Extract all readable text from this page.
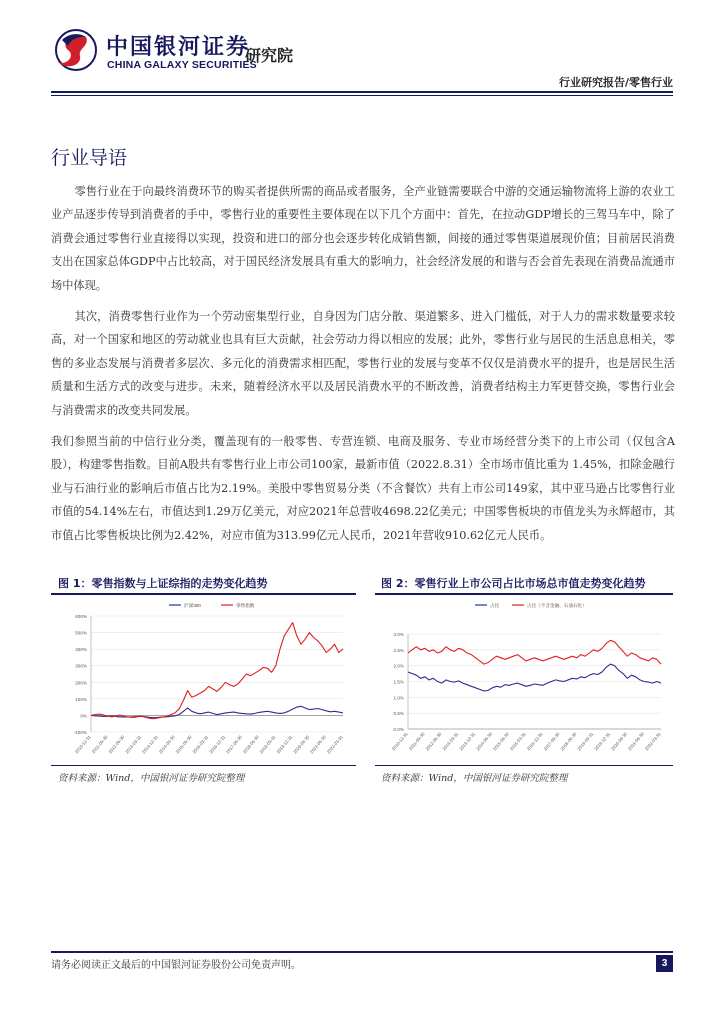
中国银河证券
CHINA GALAXY SECURITIES
研究院
行业研究报告/零售行业
行业导语
零售行业在于向最终消费环节的购买者提供所需的商品或者服务，全产业链需要联合中游的交通运输物流将上游的农业工业产品逐步传导到消费者的手中，零售行业的重要性主要体现在以下几个方面中：首先，在拉动GDP增长的三驾马车中，除了消费会通过零售行业直接得以实现，投资和进口的部分也会逐步转化成销售额，间接的通过零售渠道展现价值；目前居民消费支出在国家总体GDP中占比较高，对于国民经济发展具有重大的影响力，社会经济发展的和谐与否会首先表现在消费品流通市场中体现。
其次，消费零售行业作为一个劳动密集型行业，自身因为门店分散、渠道繁多、进入门槛低，对于人力的需求数量要求较高，对一个国家和地区的劳动就业也具有巨大贡献，社会劳动力得以相应的发展；此外，零售行业与居民的生活息息相关，零售的多业态发展与消费者多层次、多元化的消费需求相匹配，零售行业的发展与变革不仅仅是消费水平的提升，也是居民生活质量和生活方式的改变与进步。未来，随着经济水平以及居民消费水平的不断改善，消费者结构主力军更替交换，零售行业会与消费需求的改变共同发展。
我们参照当前的中信行业分类，覆盖现有的一般零售、专营连锁、电商及服务、专业市场经营分类下的上市公司（仅包含A股），构建零售指数。目前A股共有零售行业上市公司100家，最新市值（2022.8.31）全市场市值比重为 1.45%，扣除金融行业与石油行业的影响后市值占比为2.19%。美股中零售贸易分类（不含餐饮）共有上市公司149家，其中亚马逊占比零售行业市值的54.14%左右，市值达到1.29万亿美元，对应2021年总营收4698.22亿美元；中国零售板块的市值龙头为永辉超市，其市值占比零售板块比例为2.42%，对应市值为313.99亿元人民币，2021年营收910.62亿元人民币。
图 1：零售指数与上证综指的走势变化趋势
600%
500%
400%
300%
200%
100%
0%
-100%
2010-12-31 2011-09-30
2012-06-30
2013-03-31
2013-12-31
2014-09-30
2015-06-30
2016-03-31
2016-12-31
2017-09-30
2018-06-30
2019-03-31
2019-12-31
2020-09-30
2021-06-30
2022-03-31
沪深300	零售指数
资料来源：Wind，中国银河证券研究院整理
图 2：零售行业上市公司占比市场总市值走势变化趋势
3.0%
2.5%
2.0%
1.5%
1.0%
0.5%
0.0%
2010-12-31 2011-09-30
2012-06-30
2013-03-31
2013-12-31
2014-09-30
2015-06-30
2016-03-31
2016-12-31
2017-09-30
2018-06-30
2019-03-31
2019-12-31
2020-09-30
2021-06-30
2022-03-31
占比	占比（不含金融、石油石化）
资料来源：Wind，中国银河证券研究院整理
请务必阅读正文最后的中国银河证券股份公司免责声明。	3
